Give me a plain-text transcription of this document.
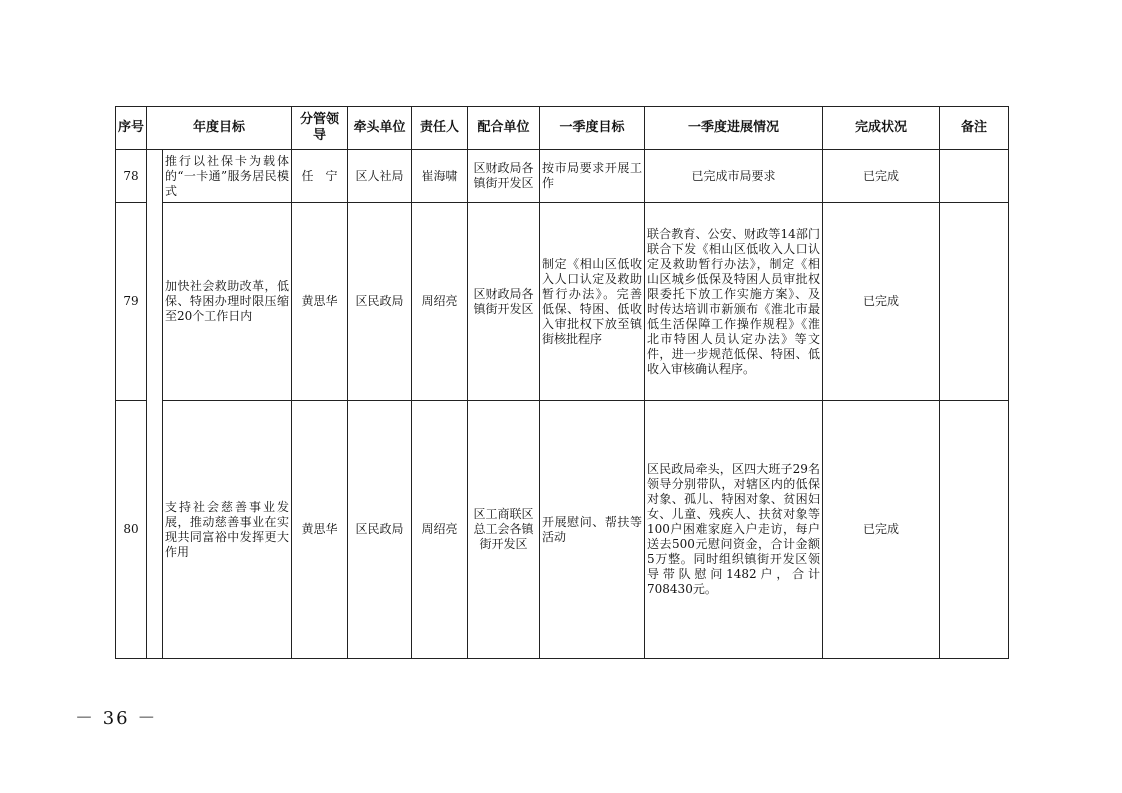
序号	年度目标		分管领导	牵头单位	责任人	配合单位	一季度目标	一季度进展情况	完成状况	备注
78		推行以社保卡为载体的“一卡通”服务居民模式	任　宁	区人社局	崔海啸	区财政局各镇街开发区	按市局要求开展工作	已完成市局要求	已完成	
79		加快社会救助改革，低保、特困办理时限压缩至20个工作日内	黄思华	区民政局	周绍亮	区财政局各镇街开发区	制定《相山区低收入人口认定及救助暂行办法》。完善低保、特困、低收入审批权下放至镇街核批程序	联合教育、公安、财政等14部门联合下发《相山区低收入人口认定及救助暂行办法》，制定《相山区城乡低保及特困人员审批权限委托下放工作实施方案》、及时传达培训市新颁布《淮北市最低生活保障工作操作规程》《淮北市特困人员认定办法》等文件，进一步规范低保、特困、低收入审核确认程序。	已完成	
80		支持社会慈善事业发展，推动慈善事业在实现共同富裕中发挥更大作用	黄思华	区民政局	周绍亮	区工商联区总工会各镇街开发区	开展慰问、帮扶等活动	区民政局牵头，区四大班子29名领导分别带队，对辖区内的低保对象、孤儿、特困对象、贫困妇女、儿童、残疾人、扶贫对象等100户困难家庭入户走访，每户送去500元慰问资金，合计金额5万整。同时组织镇街开发区领导带队慰问1482户，合计708430元。	已完成	
－ 36 －
